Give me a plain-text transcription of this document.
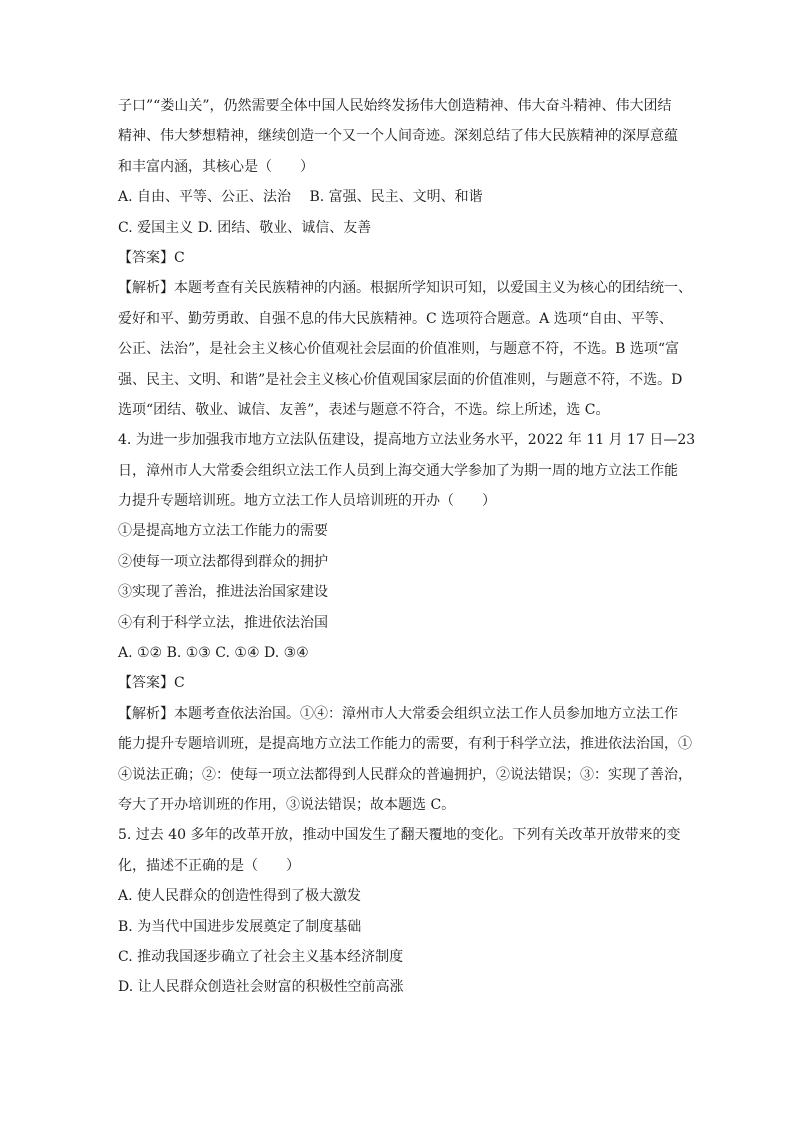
子口”“娄山关”，仍然需要全体中国人民始终发扬伟大创造精神、伟大奋斗精神、伟大团结

精神、伟大梦想精神，继续创造一个又一个人间奇迹。深刻总结了伟大民族精神的深厚意蕴

和丰富内涵，其核心是（　　）

A. 自由、平等、公正、法治　 B. 富强、民主、文明、和谐

C. 爱国主义 D. 团结、敬业、诚信、友善

【答案】C

【解析】本题考查有关民族精神的内涵。根据所学知识可知，以爱国主义为核心的团结统一、

爱好和平、勤劳勇敢、自强不息的伟大民族精神。C 选项符合题意。A 选项“自由、平等、

公正、法治”，是社会主义核心价值观社会层面的价值准则，与题意不符，不选。B 选项“富

强、民主、文明、和谐”是社会主义核心价值观国家层面的价值准则，与题意不符，不选。D

选项“团结、敬业、诚信、友善”，表述与题意不符合，不选。综上所述，选 C。

4. 为进一步加强我市地方立法队伍建设，提高地方立法业务水平，2022 年 11 月 17 日—23

日，漳州市人大常委会组织立法工作人员到上海交通大学参加了为期一周的地方立法工作能

力提升专题培训班。地方立法工作人员培训班的开办（　　）

①是提高地方立法工作能力的需要

②使每一项立法都得到群众的拥护

③实现了善治，推进法治国家建设

④有利于科学立法，推进依法治国

A. ①② B. ①③ C. ①④ D. ③④

【答案】C

【解析】本题考查依法治国。①④：漳州市人大常委会组织立法工作人员参加地方立法工作

能力提升专题培训班，是提高地方立法工作能力的需要，有利于科学立法，推进依法治国，①

④说法正确；②：使每一项立法都得到人民群众的普遍拥护，②说法错误；③：实现了善治，

夸大了开办培训班的作用，③说法错误；故本题选 C。

5. 过去 40 多年的改革开放，推动中国发生了翻天覆地的变化。下列有关改革开放带来的变

化，描述不正确的是（　　）

A. 使人民群众的创造性得到了极大激发

B. 为当代中国进步发展奠定了制度基础

C. 推动我国逐步确立了社会主义基本经济制度

D. 让人民群众创造社会财富的积极性空前高涨
